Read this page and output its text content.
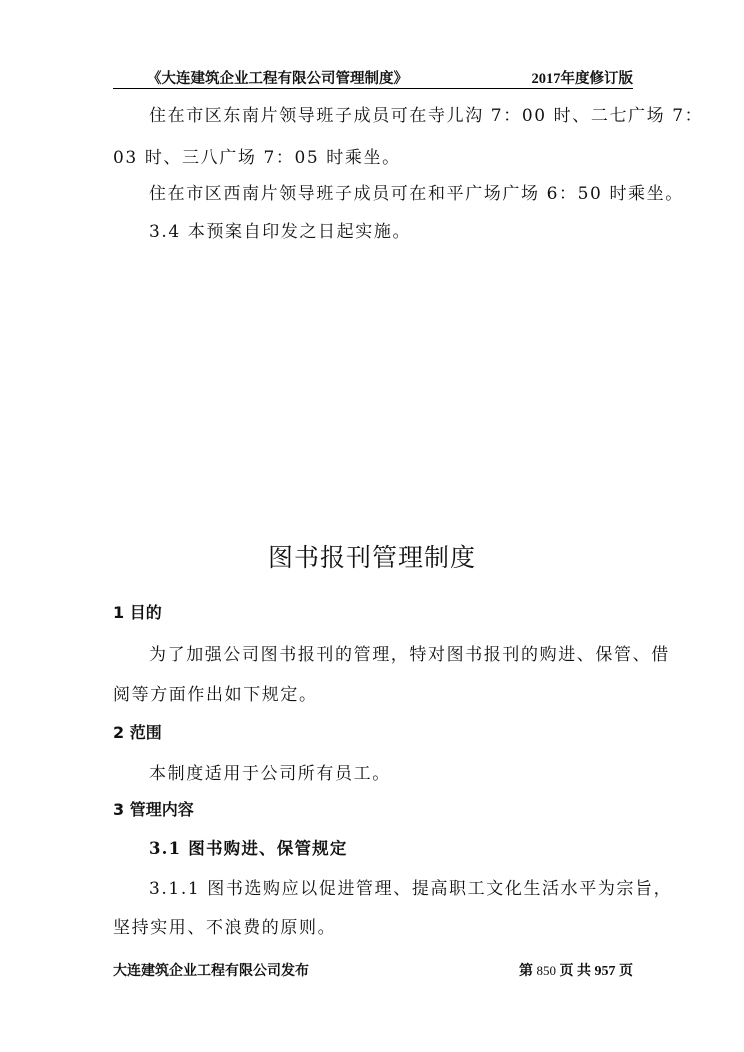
《大连建筑企业工程有限公司管理制度》	2017年度修订版
住在市区东南片领导班子成员可在寺儿沟 7：00 时、二七广场 7：
03 时、三八广场 7：05 时乘坐。
住在市区西南片领导班子成员可在和平广场广场 6：50 时乘坐。
3.4 本预案自印发之日起实施。
图书报刊管理制度
1 目的
为了加强公司图书报刊的管理，特对图书报刊的购进、保管、借
阅等方面作出如下规定。
2 范围
本制度适用于公司所有员工。
3 管理内容
3.1 图书购进、保管规定
3.1.1 图书选购应以促进管理、提高职工文化生活水平为宗旨，
坚持实用、不浪费的原则。
大连建筑企业工程有限公司发布	第 850 页 共 957 页
